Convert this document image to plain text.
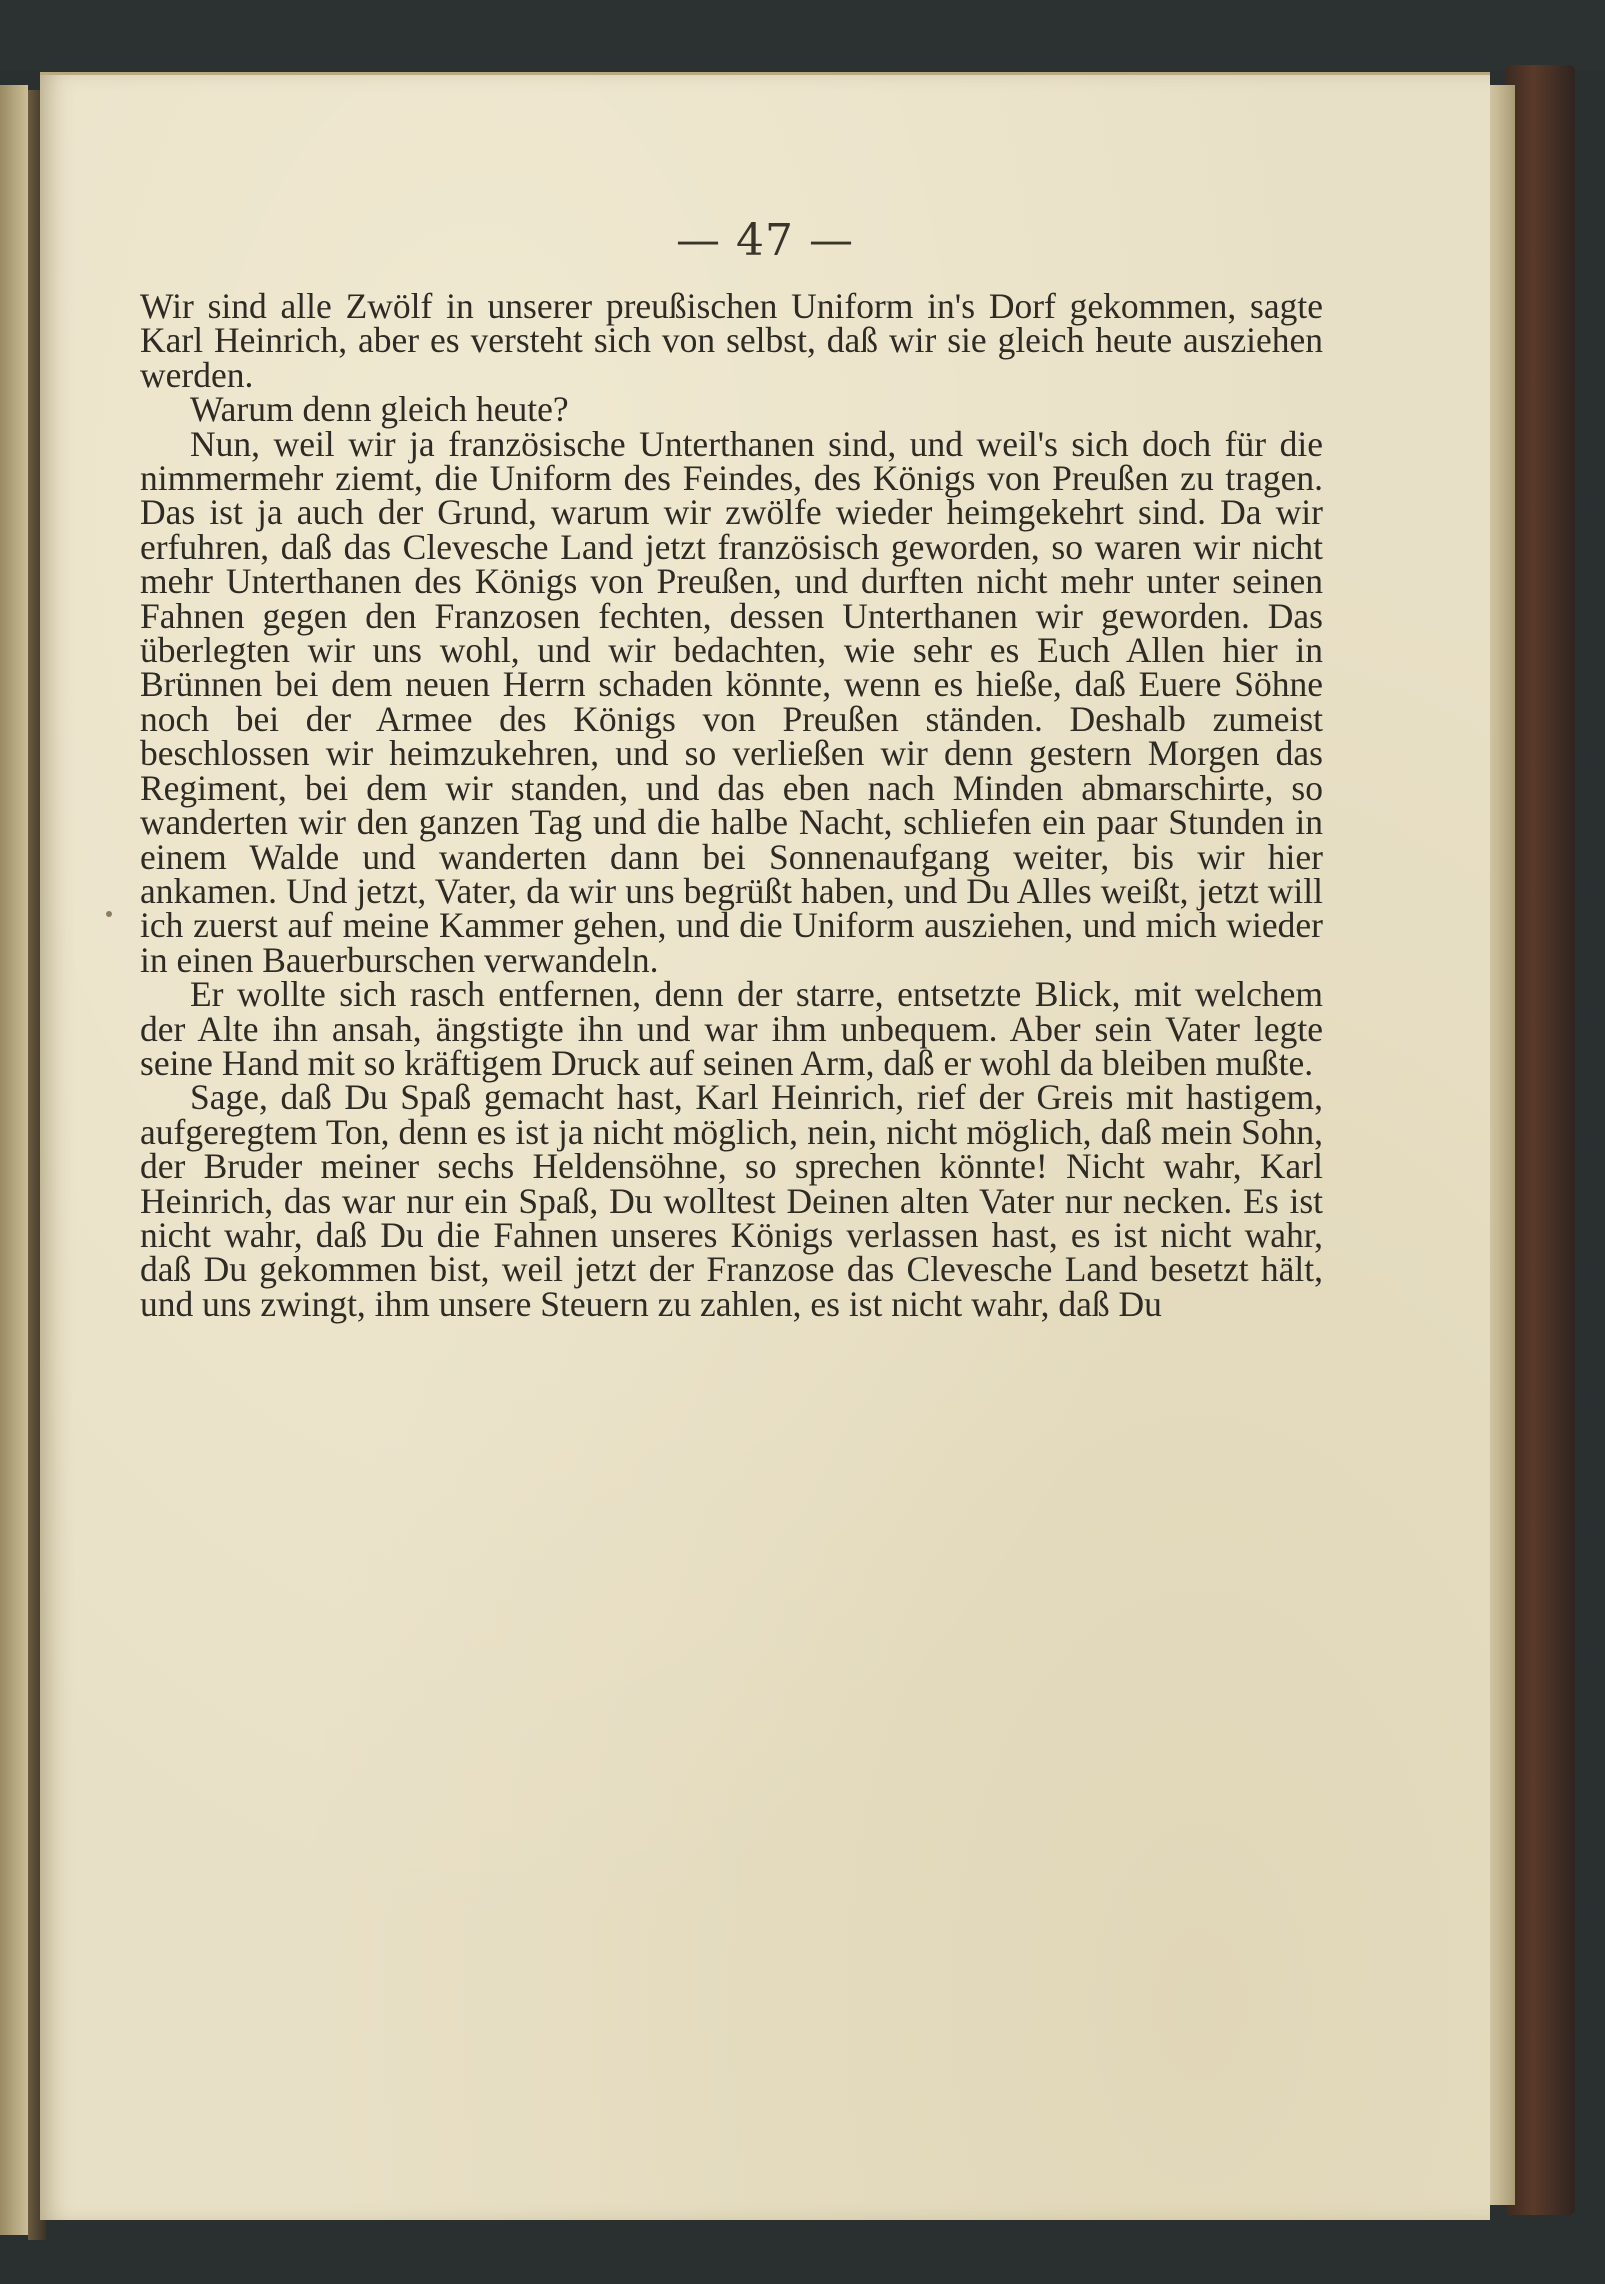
— 47 —

Wir sind alle Zwölf in unserer preußischen Uniform in's Dorf gekommen, sagte Karl Heinrich, aber es versteht sich von selbst, daß wir sie gleich heute ausziehen werden.

Warum denn gleich heute?

Nun, weil wir ja französische Unterthanen sind, und weil's sich doch für die nimmermehr ziemt, die Uniform des Feindes, des Königs von Preußen zu tragen. Das ist ja auch der Grund, warum wir zwölfe wieder heimgekehrt sind. Da wir erfuhren, daß das Clevesche Land jetzt französisch geworden, so waren wir nicht mehr Unterthanen des Königs von Preußen, und durften nicht mehr unter seinen Fahnen gegen den Franzosen fechten, dessen Unterthanen wir geworden. Das überlegten wir uns wohl, und wir bedachten, wie sehr es Euch Allen hier in Brünnen bei dem neuen Herrn schaden könnte, wenn es hieße, daß Euere Söhne noch bei der Armee des Königs von Preußen ständen. Deshalb zumeist beschlossen wir heimzukehren, und so verließen wir denn gestern Morgen das Regiment, bei dem wir standen, und das eben nach Minden abmarschirte, so wanderten wir den ganzen Tag und die halbe Nacht, schliefen ein paar Stunden in einem Walde und wanderten dann bei Sonnenaufgang weiter, bis wir hier ankamen. Und jetzt, Vater, da wir uns begrüßt haben, und Du Alles weißt, jetzt will ich zuerst auf meine Kammer gehen, und die Uniform ausziehen, und mich wieder in einen Bauerburschen verwandeln.

Er wollte sich rasch entfernen, denn der starre, entsetzte Blick, mit welchem der Alte ihn ansah, ängstigte ihn und war ihm unbequem. Aber sein Vater legte seine Hand mit so kräftigem Druck auf seinen Arm, daß er wohl da bleiben mußte.

Sage, daß Du Spaß gemacht hast, Karl Heinrich, rief der Greis mit hastigem, aufgeregtem Ton, denn es ist ja nicht möglich, nein, nicht möglich, daß mein Sohn, der Bruder meiner sechs Heldensöhne, so sprechen könnte! Nicht wahr, Karl Heinrich, das war nur ein Spaß, Du wolltest Deinen alten Vater nur necken. Es ist nicht wahr, daß Du die Fahnen unseres Königs verlassen hast, es ist nicht wahr, daß Du gekommen bist, weil jetzt der Franzose das Clevesche Land besetzt hält, und uns zwingt, ihm unsere Steuern zu zahlen, es ist nicht wahr, daß Du
